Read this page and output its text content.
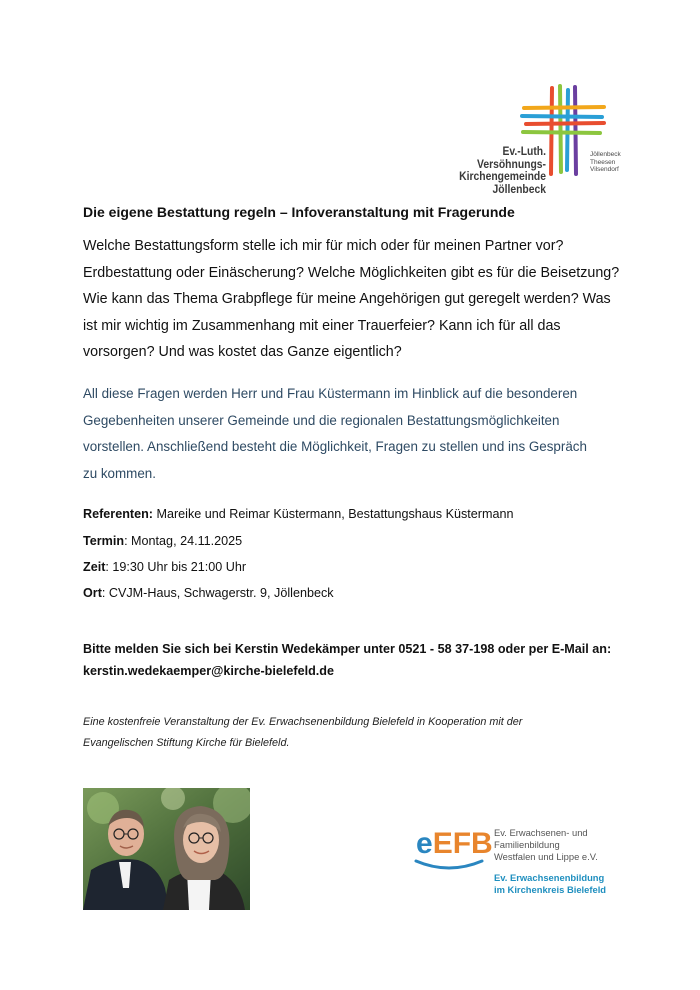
Ev.-Luth.
Versöhnungs-Kirchengemeinde
Jöllenbeck
Jöllenbeck
Theesen
Vilsendorf
Die eigene Bestattung regeln – Infoveranstaltung mit Fragerunde
Welche Bestattungsform stelle ich mir für mich oder für meinen Partner vor?
Erdbestattung oder Einäscherung? Welche Möglichkeiten gibt es für die Beisetzung?
Wie kann das Thema Grabpflege für meine Angehörigen gut geregelt werden? Was
ist mir wichtig im Zusammenhang mit einer Trauerfeier? Kann ich für all das
vorsorgen? Und was kostet das Ganze eigentlich?
All diese Fragen werden Herr und Frau Küstermann im Hinblick auf die besonderen
Gegebenheiten unserer Gemeinde und die regionalen Bestattungsmöglichkeiten
vorstellen. Anschließend besteht die Möglichkeit, Fragen zu stellen und ins Gespräch
zu kommen.
Referenten: Mareike und Reimar Küstermann, Bestattungshaus Küstermann
Termin: Montag, 24.11.2025
Zeit: 19:30 Uhr bis 21:00 Uhr
Ort: CVJM-Haus, Schwagerstr. 9, Jöllenbeck
Bitte melden Sie sich bei Kerstin Wedekämper unter 0521 - 58 37-198 oder per E-Mail an:
kerstin.wedekaemper@kirche-bielefeld.de
Eine kostenfreie Veranstaltung der Ev. Erwachsenenbildung Bielefeld in Kooperation mit der
Evangelischen Stiftung Kirche für Bielefeld.
eEFB Ev. Erwachsenen- und
Familienbildung
Westfalen und Lippe e.V.
Ev. Erwachsenenbildung
im Kirchenkreis Bielefeld
